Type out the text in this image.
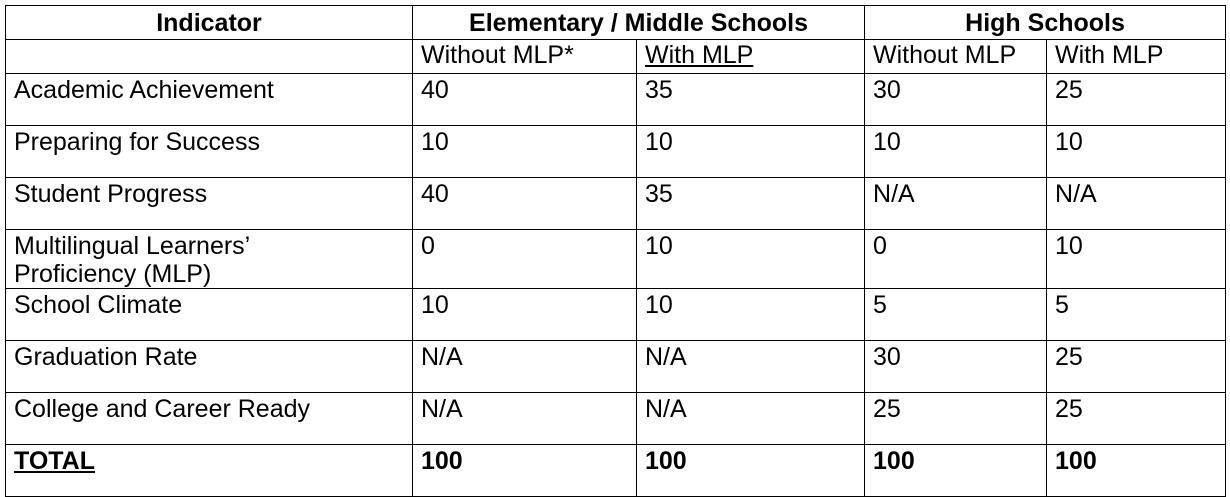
Indicator	Elementary / Middle Schools		High Schools	
	Without MLP*	With MLP	Without MLP	With MLP
Academic Achievement	40	35	30	25
Preparing for Success	10	10	10	10
Student Progress	40	35	N/A	N/A

Multilingual Learners’
Proficiency (MLP)	0	10	0	10
School Climate	10	10	5	5
Graduation Rate	N/A	N/A	30	25
College and Career Ready	N/A	N/A	25	25
TOTAL	100	100	100	100
